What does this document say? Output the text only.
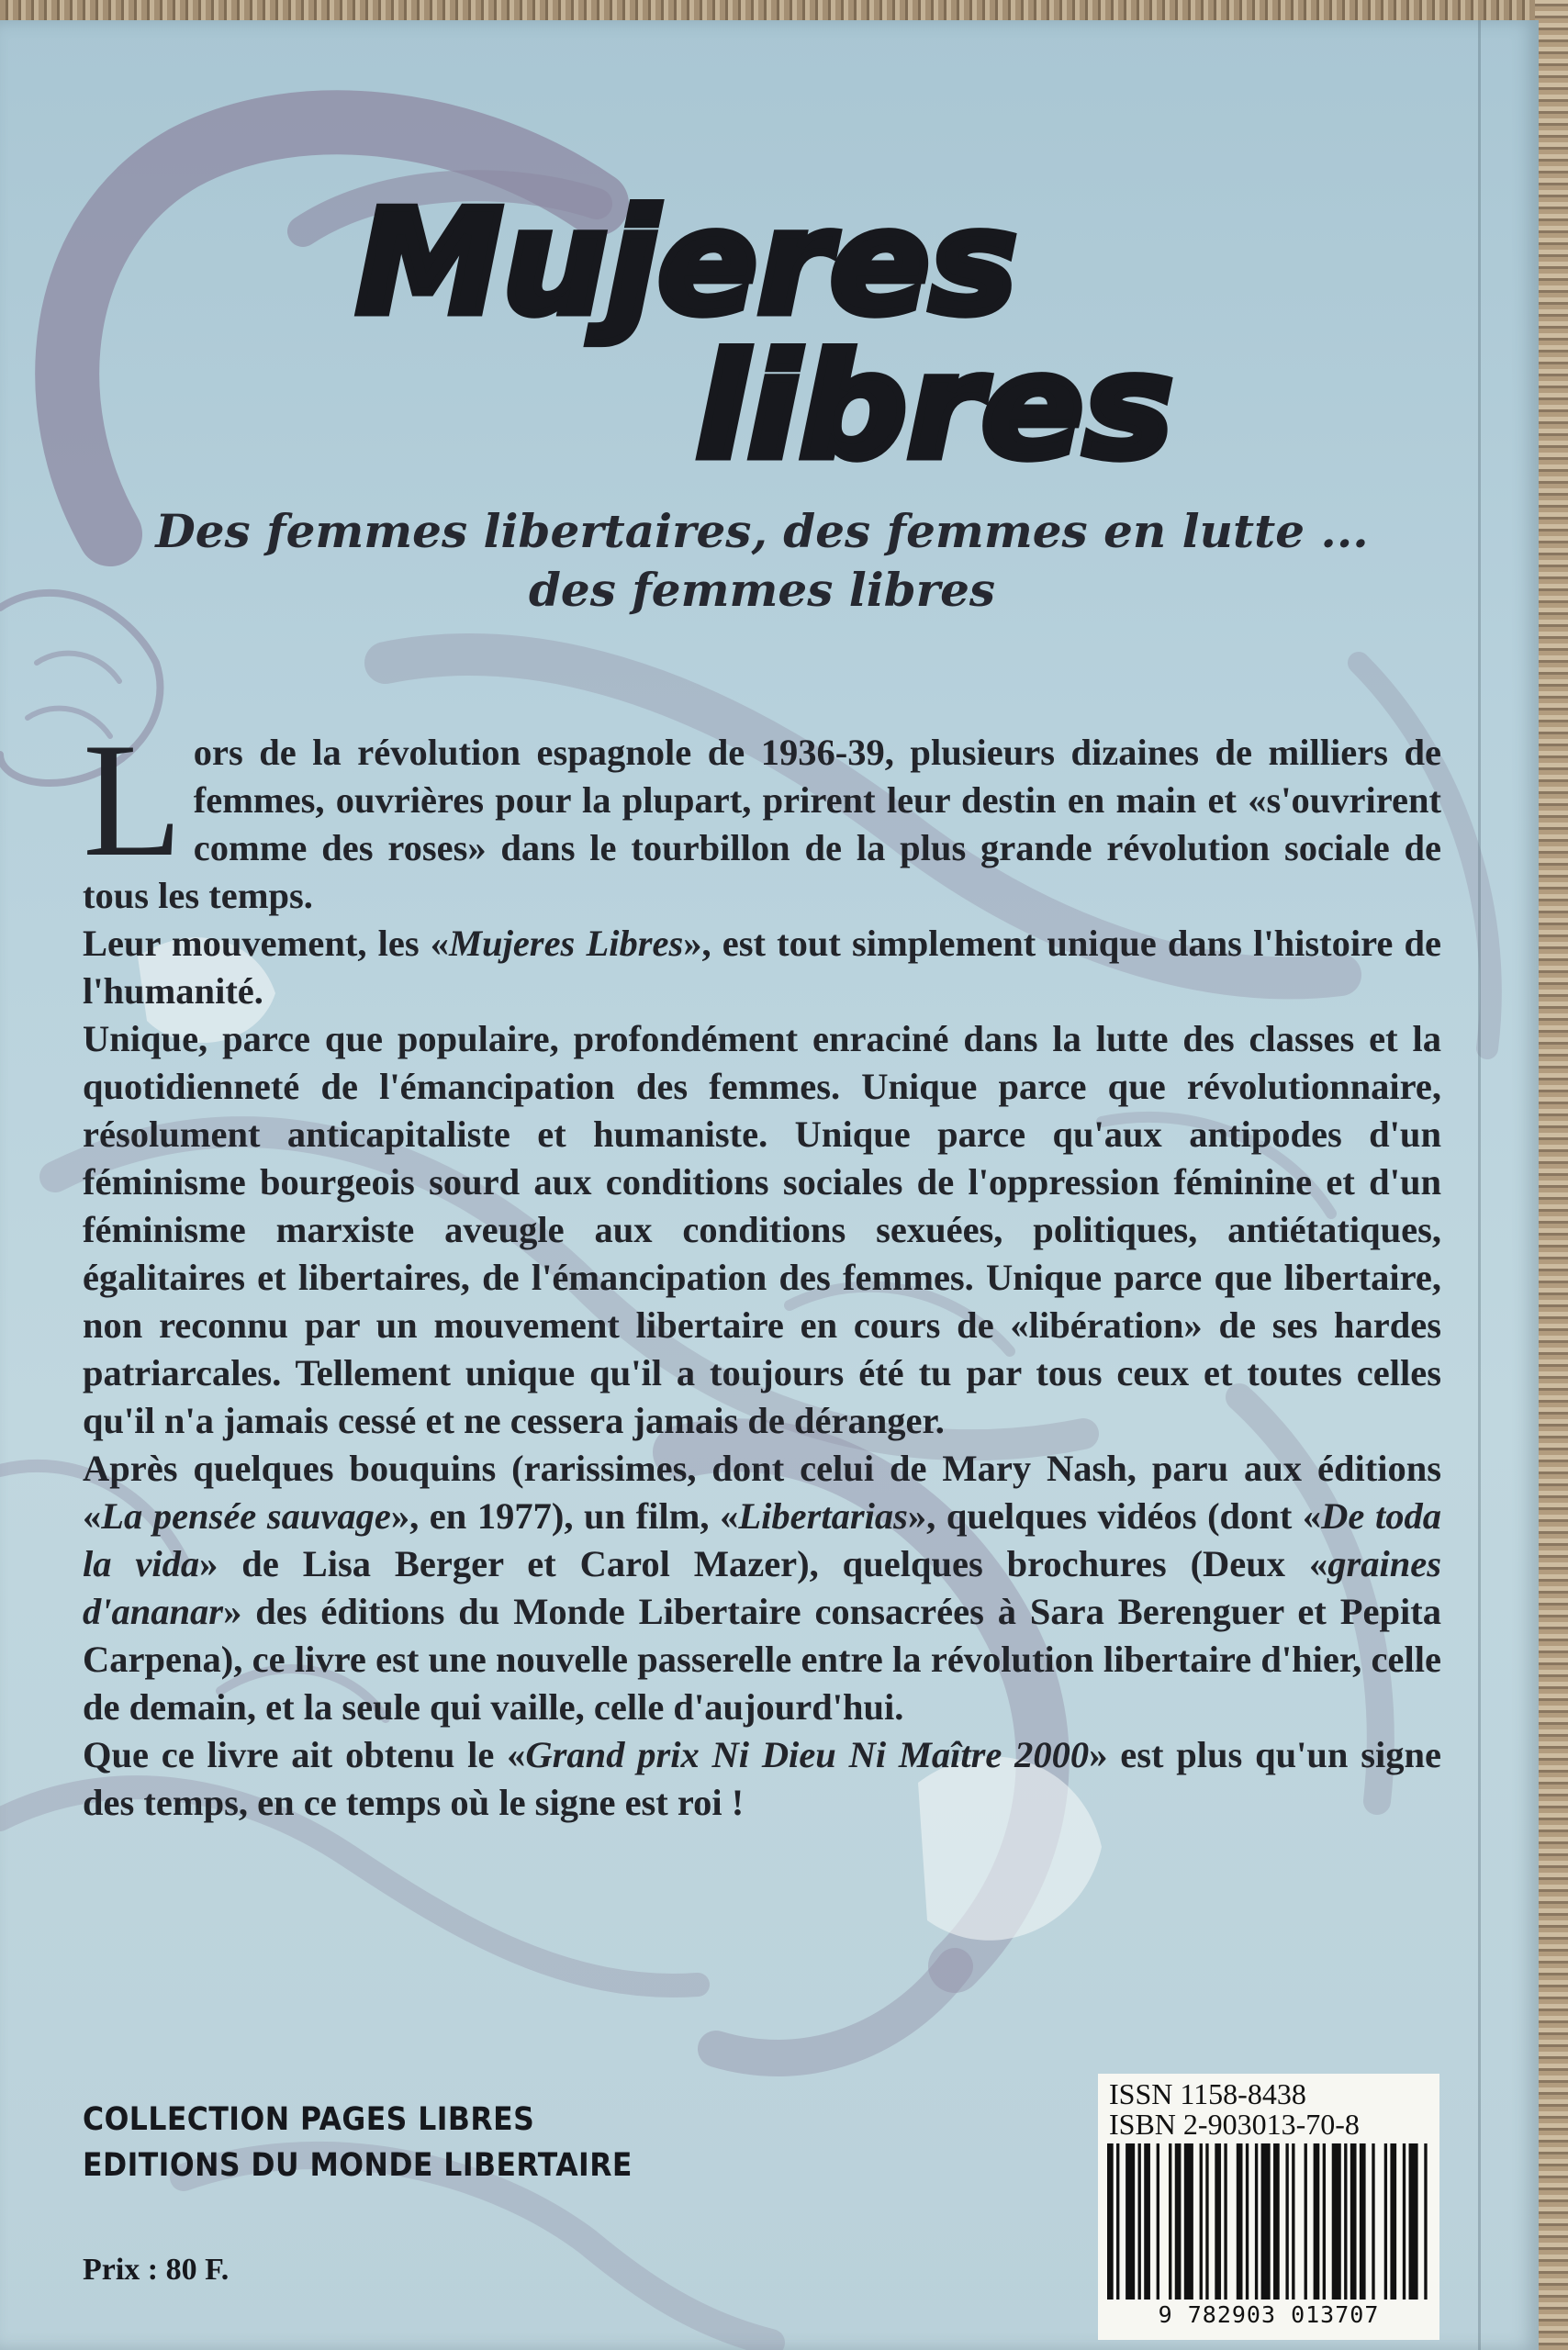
Mujeres
libres
Des femmes libertaires, des femmes en lutte ...
des femmes libres

Lors de la révolution espagnole de 1936-39, plusieurs dizaines de milliers de femmes, ouvrières pour la plupart, prirent leur destin en main et «s'ouvrirent comme des roses» dans le tourbillon de la plus grande révolution sociale de tous les temps.

Leur mouvement, les «Mujeres Libres», est tout simplement unique dans l'histoire de l'humanité.

Unique, parce que populaire, profondément enraciné dans la lutte des classes et la quotidienneté de l'émancipation des femmes. Unique parce que révolutionnaire, résolument anticapitaliste et humaniste. Unique parce qu'aux antipodes d'un féminisme bourgeois sourd aux conditions sociales de l'oppression féminine et d'un féminisme marxiste aveugle aux conditions sexuées, politiques, antiétatiques, égalitaires et libertaires, de l'émancipation des femmes. Unique parce que libertaire, non reconnu par un mouvement libertaire en cours de «libération» de ses hardes patriarcales. Tellement unique qu'il a toujours été tu par tous ceux et toutes celles qu'il n'a jamais cessé et ne cessera jamais de déranger.

Après quelques bouquins (rarissimes, dont celui de Mary Nash, paru aux éditions «La pensée sauvage», en 1977), un film, «Libertarias», quelques vidéos (dont «De toda la vida» de Lisa Berger et Carol Mazer), quelques brochures (Deux «graines d'ananar» des éditions du Monde Libertaire consacrées à Sara Berenguer et Pepita Carpena), ce livre est une nouvelle passerelle entre la révolution libertaire d'hier, celle de demain, et la seule qui vaille, celle d'aujourd'hui.

Que ce livre ait obtenu le «Grand prix Ni Dieu Ni Maître 2000» est plus qu'un signe des temps, en ce temps où le signe est roi !

COLLECTION PAGES LIBRES
EDITIONS DU MONDE LIBERTAIRE
Prix : 80 F.
ISSN 1158-8438
ISBN 2-903013-70-8
9 782903 013707
